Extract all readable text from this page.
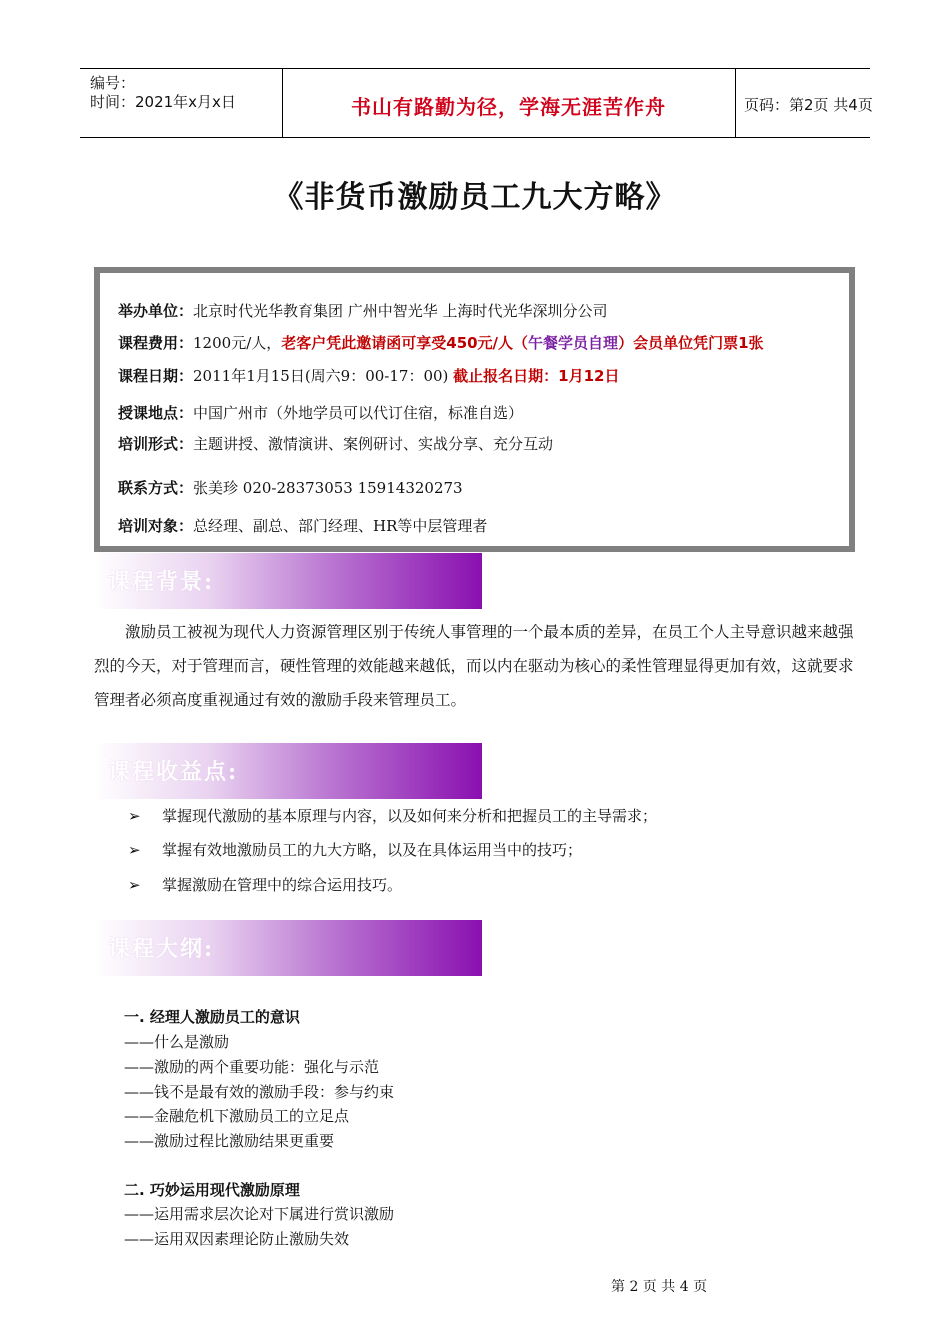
编号：
时间：2021年x月x日	书山有路勤为径，学海无涯苦作舟	页码：第2页 共4页
《非货币激励员工九大方略》
举办单位：北京时代光华教育集团 广州中智光华 上海时代光华深圳分公司
课程费用：1200元/人，老客户凭此邀请函可享受450元/人（午餐学员自理）会员单位凭门票1张
课程日期：2011年1月15日(周六9：00-17：00) 截止报名日期：1月12日
授课地点：中国广州市（外地学员可以代订住宿，标准自选）
培训形式：主题讲授、激情演讲、案例研讨、实战分享、充分互动
联系方式：张美珍 020-28373053 15914320273
培训对象：总经理、副总、部门经理、HR等中层管理者
课程背景:
激励员工被视为现代人力资源管理区别于传统人事管理的一个最本质的差异，在员工个人主导意识越来越强烈的今天，对于管理而言，硬性管理的效能越来越低，而以内在驱动为核心的柔性管理显得更加有效，这就要求管理者必须高度重视通过有效的激励手段来管理员工。
课程收益点:
➢ 掌握现代激励的基本原理与内容，以及如何来分析和把握员工的主导需求；
➢ 掌握有效地激励员工的九大方略，以及在具体运用当中的技巧；
➢ 掌握激励在管理中的综合运用技巧。
课程大纲:
一. 经理人激励员工的意识
——什么是激励
——激励的两个重要功能：强化与示范
——钱不是最有效的激励手段：参与约束
——金融危机下激励员工的立足点
——激励过程比激励结果更重要
二. 巧妙运用现代激励原理
——运用需求层次论对下属进行赏识激励
——运用双因素理论防止激励失效
第 2 页 共 4 页
